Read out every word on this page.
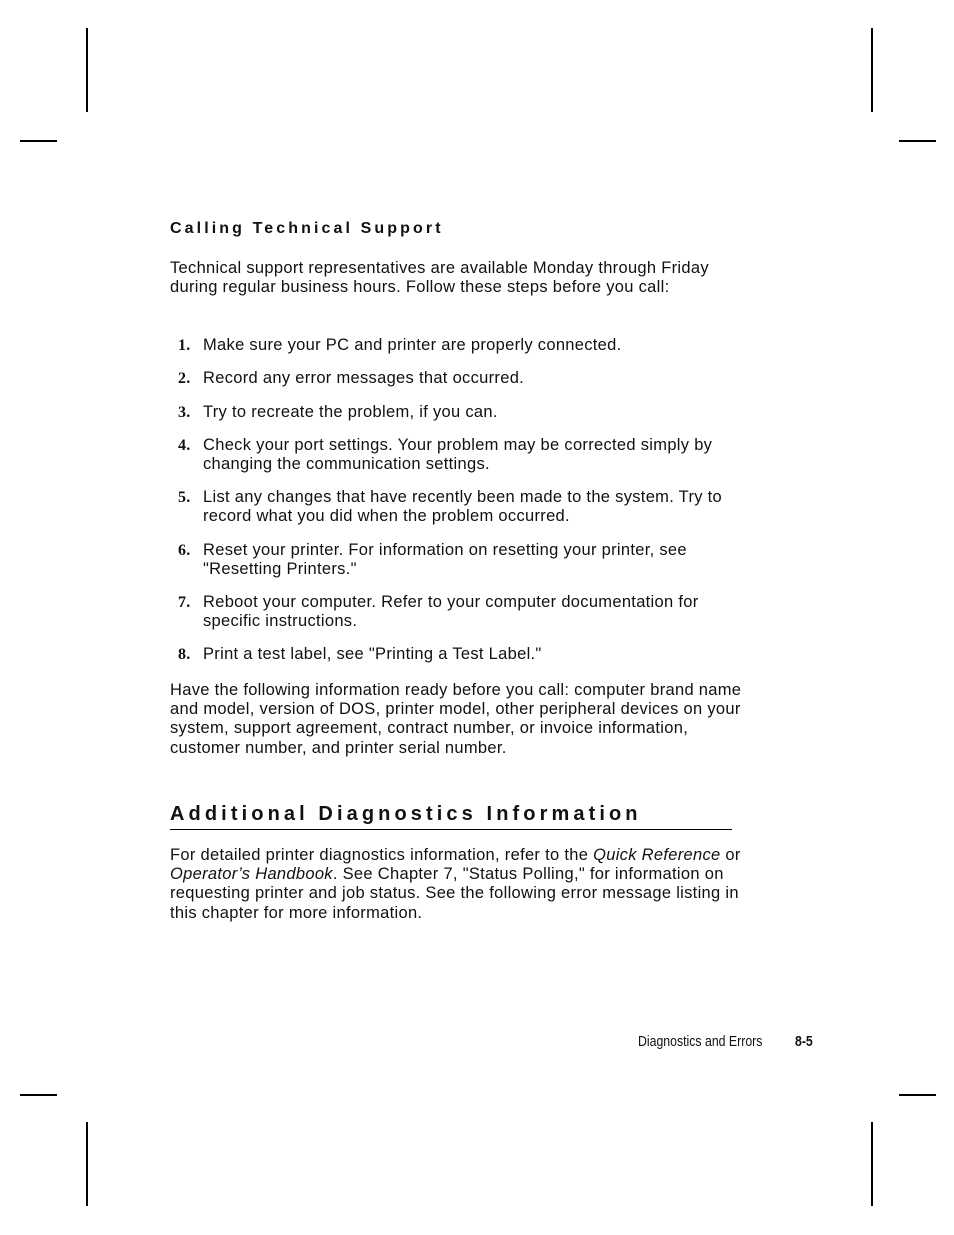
Calling Technical Support

Technical support representatives are available Monday through Friday during regular business hours. Follow these steps before you call:

1. Make sure your PC and printer are properly connected.
2. Record any error messages that occurred.
3. Try to recreate the problem, if you can.
4. Check your port settings. Your problem may be corrected simply by changing the communication settings.
5. List any changes that have recently been made to the system. Try to record what you did when the problem occurred.
6. Reset your printer. For information on resetting your printer, see "Resetting Printers."
7. Reboot your computer. Refer to your computer documentation for specific instructions.
8. Print a test label, see "Printing a Test Label."

Have the following information ready before you call: computer brand name and model, version of DOS, printer model, other peripheral devices on your system, support agreement, contract number, or invoice information, customer number, and printer serial number.

Additional Diagnostics Information

For detailed printer diagnostics information, refer to the Quick Reference or Operator’s Handbook. See Chapter 7, "Status Polling," for information on requesting printer and job status. See the following error message listing in this chapter for more information.

Diagnostics and Errors 8-5
